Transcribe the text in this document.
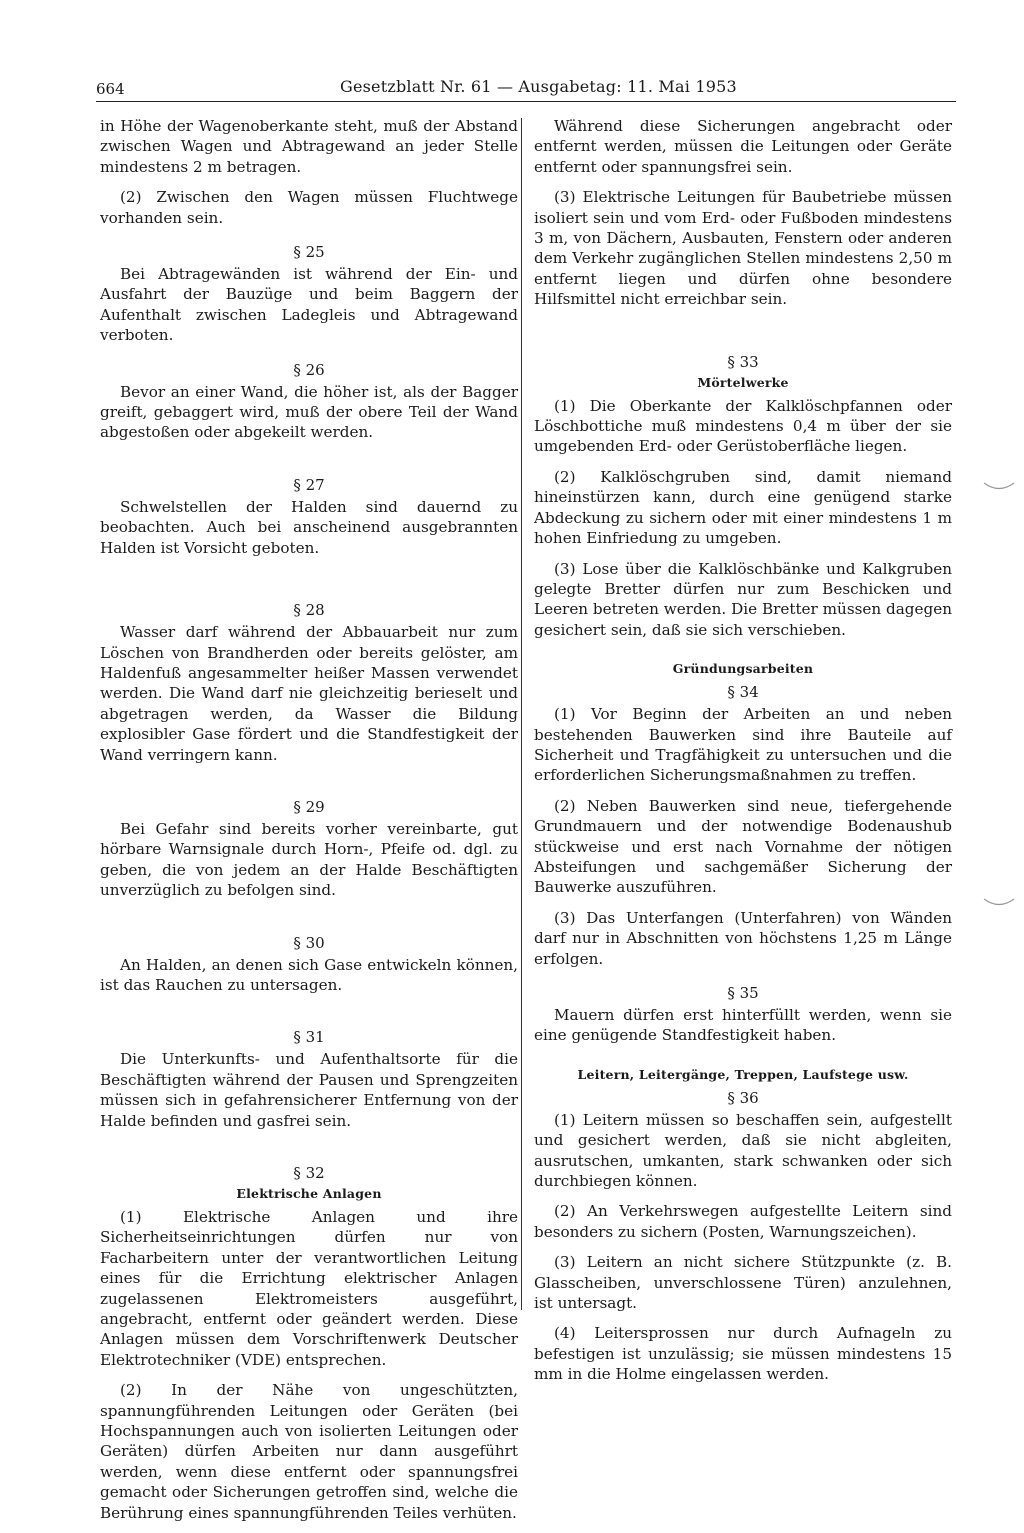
664	Gesetzblatt Nr. 61 — Ausgabetag: 11. Mai 1953

in Höhe der Wagenoberkante steht, muß der Abstand zwischen Wagen und Abtragewand an jeder Stelle mindestens 2 m betragen.

(2) Zwischen den Wagen müssen Fluchtwege vorhanden sein.

§ 25

Bei Abtragewänden ist während der Ein- und Ausfahrt der Bauzüge und beim Baggern der Aufenthalt zwischen Ladegleis und Abtragewand verboten.

§ 26

Bevor an einer Wand, die höher ist, als der Bagger greift, gebaggert wird, muß der obere Teil der Wand abgestoßen oder abgekeilt werden.

§ 27

Schwelstellen der Halden sind dauernd zu beobachten. Auch bei anscheinend ausgebrannten Halden ist Vorsicht geboten.

§ 28

Wasser darf während der Abbauarbeit nur zum Löschen von Brandherden oder bereits gelöster, am Haldenfuß angesammelter heißer Massen verwendet werden. Die Wand darf nie gleichzeitig berieselt und abgetragen werden, da Wasser die Bildung explosibler Gase fördert und die Standfestigkeit der Wand verringern kann.

§ 29

Bei Gefahr sind bereits vorher vereinbarte, gut hörbare Warnsignale durch Horn-, Pfeife od. dgl. zu geben, die von jedem an der Halde Beschäftigten unverzüglich zu befolgen sind.

§ 30

An Halden, an denen sich Gase entwickeln können, ist das Rauchen zu untersagen.

§ 31

Die Unterkunfts- und Aufenthaltsorte für die Beschäftigten während der Pausen und Sprengzeiten müssen sich in gefahrensicherer Entfernung von der Halde befinden und gasfrei sein.

§ 32
Elektrische Anlagen

(1) Elektrische Anlagen und ihre Sicherheitseinrichtungen dürfen nur von Facharbeitern unter der verantwortlichen Leitung eines für die Errichtung elektrischer Anlagen zugelassenen Elektromeisters ausgeführt, angebracht, entfernt oder geändert werden. Diese Anlagen müssen dem Vorschriftenwerk Deutscher Elektrotechniker (VDE) entsprechen.

(2) In der Nähe von ungeschützten, spannungführenden Leitungen oder Geräten (bei Hochspannungen auch von isolierten Leitungen oder Geräten) dürfen Arbeiten nur dann ausgeführt werden, wenn diese entfernt oder spannungsfrei gemacht oder Sicherungen getroffen sind, welche die Berührung eines spannungführenden Teiles verhüten.

Während diese Sicherungen angebracht oder entfernt werden, müssen die Leitungen oder Geräte entfernt oder spannungsfrei sein.

(3) Elektrische Leitungen für Baubetriebe müssen isoliert sein und vom Erd- oder Fußboden mindestens 3 m, von Dächern, Ausbauten, Fenstern oder anderen dem Verkehr zugänglichen Stellen mindestens 2,50 m entfernt liegen und dürfen ohne besondere Hilfsmittel nicht erreichbar sein.

§ 33
Mörtelwerke

(1) Die Oberkante der Kalklöschpfannen oder Löschbottiche muß mindestens 0,4 m über der sie umgebenden Erd- oder Gerüstoberfläche liegen.

(2) Kalklöschgruben sind, damit niemand hineinstürzen kann, durch eine genügend starke Abdeckung zu sichern oder mit einer mindestens 1 m hohen Einfriedung zu umgeben.

(3) Lose über die Kalklöschbänke und Kalkgruben gelegte Bretter dürfen nur zum Beschicken und Leeren betreten werden. Die Bretter müssen dagegen gesichert sein, daß sie sich verschieben.

Gründungsarbeiten
§ 34

(1) Vor Beginn der Arbeiten an und neben bestehenden Bauwerken sind ihre Bauteile auf Sicherheit und Tragfähigkeit zu untersuchen und die erforderlichen Sicherungsmaßnahmen zu treffen.

(2) Neben Bauwerken sind neue, tiefergehende Grundmauern und der notwendige Bodenaushub stückweise und erst nach Vornahme der nötigen Absteifungen und sachgemäßer Sicherung der Bauwerke auszuführen.

(3) Das Unterfangen (Unterfahren) von Wänden darf nur in Abschnitten von höchstens 1,25 m Länge erfolgen.

§ 35

Mauern dürfen erst hinterfüllt werden, wenn sie eine genügende Standfestigkeit haben.

Leitern, Leitergänge, Treppen, Laufstege usw.
§ 36

(1) Leitern müssen so beschaffen sein, aufgestellt und gesichert werden, daß sie nicht abgleiten, ausrutschen, umkanten, stark schwanken oder sich durchbiegen können.

(2) An Verkehrswegen aufgestellte Leitern sind besonders zu sichern (Posten, Warnungszeichen).

(3) Leitern an nicht sichere Stützpunkte (z. B. Glasscheiben, unverschlossene Türen) anzulehnen, ist untersagt.

(4) Leitersprossen nur durch Aufnageln zu befestigen ist unzulässig; sie müssen mindestens 15 mm in die Holme eingelassen werden.
